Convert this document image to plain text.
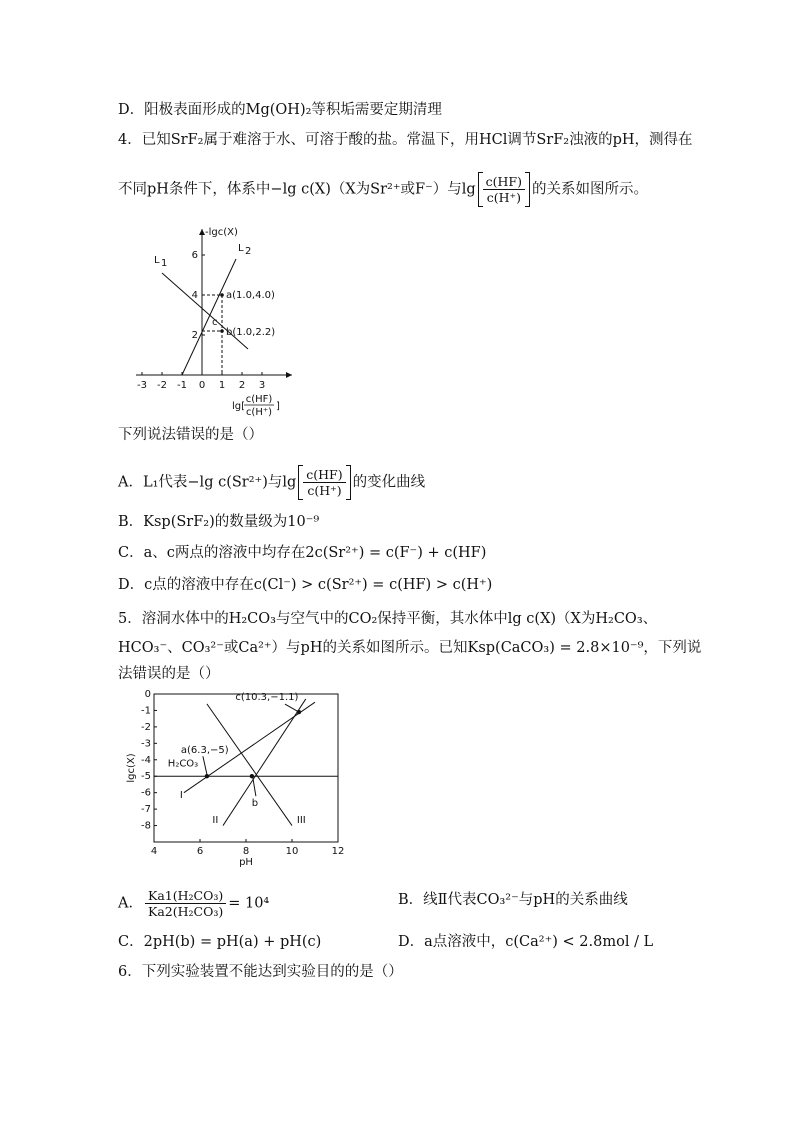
D．阳极表面形成的Mg(OH)₂等积垢需要定期清理
4．已知SrF₂属于难溶于水、可溶于酸的盐。常温下，用HCl调节SrF₂浊液的pH，测得在
不同pH条件下，体系中−lg c(X)（X为Sr²⁺或F⁻）与$\lg \frac{c(HF)}{c(H^+)}$ 的关系如图所示。
-lgc(X)
-3 -2 -1 0 1 2 3
2
4
6
a(1.0,4.0)
b(1.0,2.2)
c
L 1
L 2
lg[
c(HF)
c(H⁺)
]
下列说法错误的是（）
A．L₁代表−lg c(Sr²⁺)与$\lg \frac{c(HF)}{c(H^+)}$ 的变化曲线
B．Ksp(SrF₂)的数量级为10⁻⁹
C．a、c两点的溶液中均存在2c(Sr²⁺) = c(F⁻) + c(HF)
D．c点的溶液中存在c(Cl⁻) > c(Sr²⁺) = c(HF) > c(H⁺)
5．溶洞水体中的H₂CO₃与空气中的CO₂保持平衡，其水体中lg c(X)（X为H₂CO₃、
HCO₃⁻、CO₃²⁻或Ca²⁺）与pH的关系如图所示。已知Ksp(CaCO₃) = 2.8×10⁻⁹，下列说
法错误的是（）
4	6	8	10	12
0
-1
-2
-3
-4
-5
-6
-7
-8
pH
lgc(X)
a(6.3,−5)
b
c(10.3,−1.1)
H₂CO₃
I
II	III
A． $\frac{\text{Ka1(H₂CO₃)}}{\text{Ka2(H₂CO₃)}} = 10^4$	B．线Ⅱ代表CO₃²⁻与pH的关系曲线
C．2pH(b) = pH(a) + pH(c)	D．a点溶液中，c(Ca²⁺) < 2.8mol / L
6．下列实验装置不能达到实验目的的是（）
